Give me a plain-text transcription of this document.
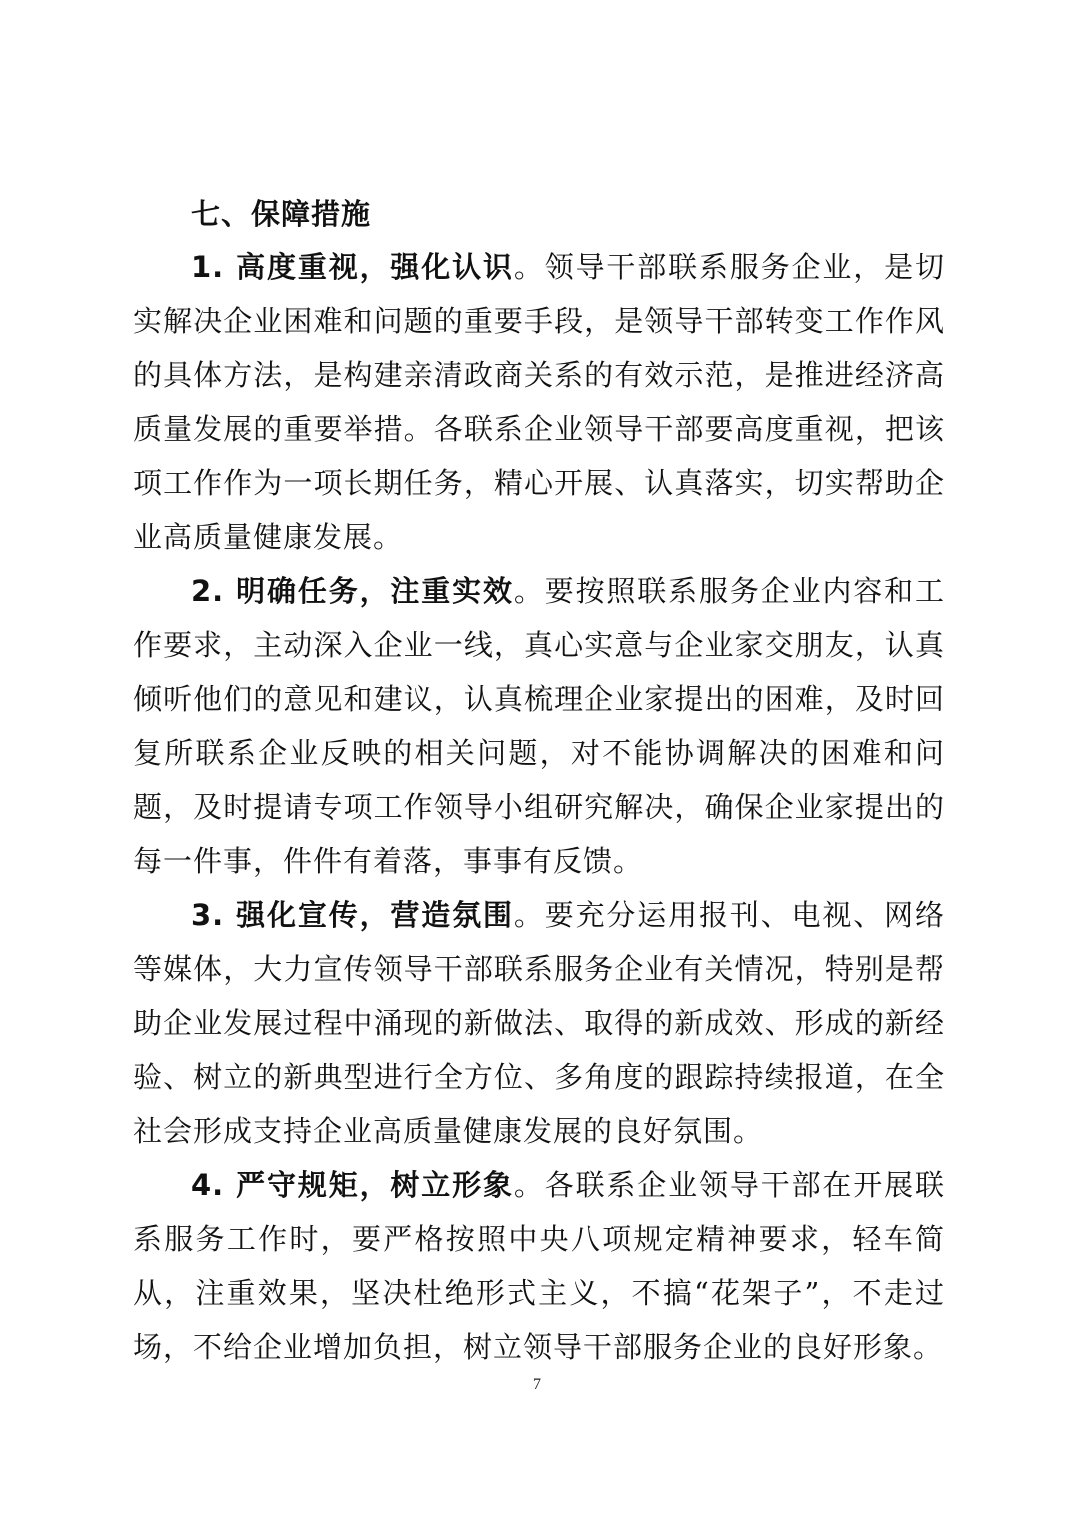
七、保障措施

1. 高度重视，强化认识。领导干部联系服务企业，是切实解决企业困难和问题的重要手段，是领导干部转变工作作风的具体方法，是构建亲清政商关系的有效示范，是推进经济高质量发展的重要举措。各联系企业领导干部要高度重视，把该项工作作为一项长期任务，精心开展、认真落实，切实帮助企业高质量健康发展。

2. 明确任务，注重实效。要按照联系服务企业内容和工作要求，主动深入企业一线，真心实意与企业家交朋友，认真倾听他们的意见和建议，认真梳理企业家提出的困难，及时回复所联系企业反映的相关问题，对不能协调解决的困难和问题，及时提请专项工作领导小组研究解决，确保企业家提出的每一件事，件件有着落，事事有反馈。

3. 强化宣传，营造氛围。要充分运用报刊、电视、网络等媒体，大力宣传领导干部联系服务企业有关情况，特别是帮助企业发展过程中涌现的新做法、取得的新成效、形成的新经验、树立的新典型进行全方位、多角度的跟踪持续报道，在全社会形成支持企业高质量健康发展的良好氛围。

4. 严守规矩，树立形象。各联系企业领导干部在开展联系服务工作时，要严格按照中央八项规定精神要求，轻车简从，注重效果，坚决杜绝形式主义，不搞“花架子”，不走过场，不给企业增加负担，树立领导干部服务企业的良好形象。

7
